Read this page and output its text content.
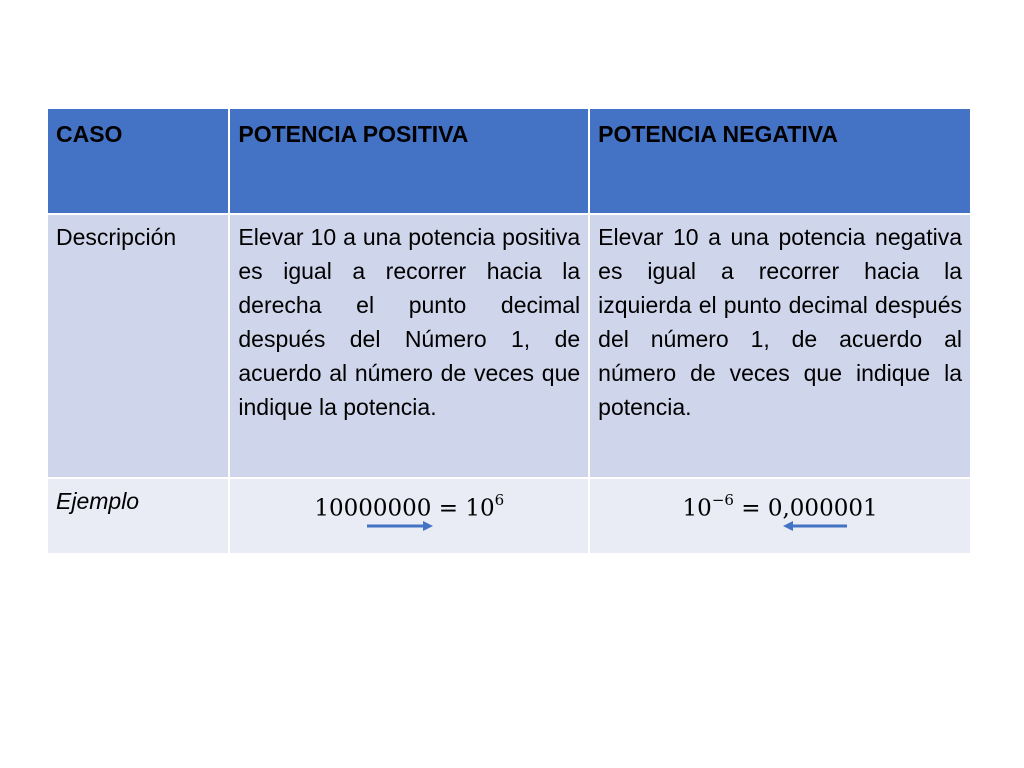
CASO	POTENCIA POSITIVA	POTENCIA NEGATIVA

Descripción	Elevar 10 a una potencia positiva es igual a recorrer hacia la derecha el punto decimal después del Número 1, de acuerdo al número de veces que indique la potencia.	Elevar 10 a una potencia negativa es igual a recorrer hacia la izquierda el punto decimal después del número 1, de acuerdo al número de veces que indique la potencia.

Ejemplo	$10000000 = 10^6$	$10^{-6} = 0,000001$
